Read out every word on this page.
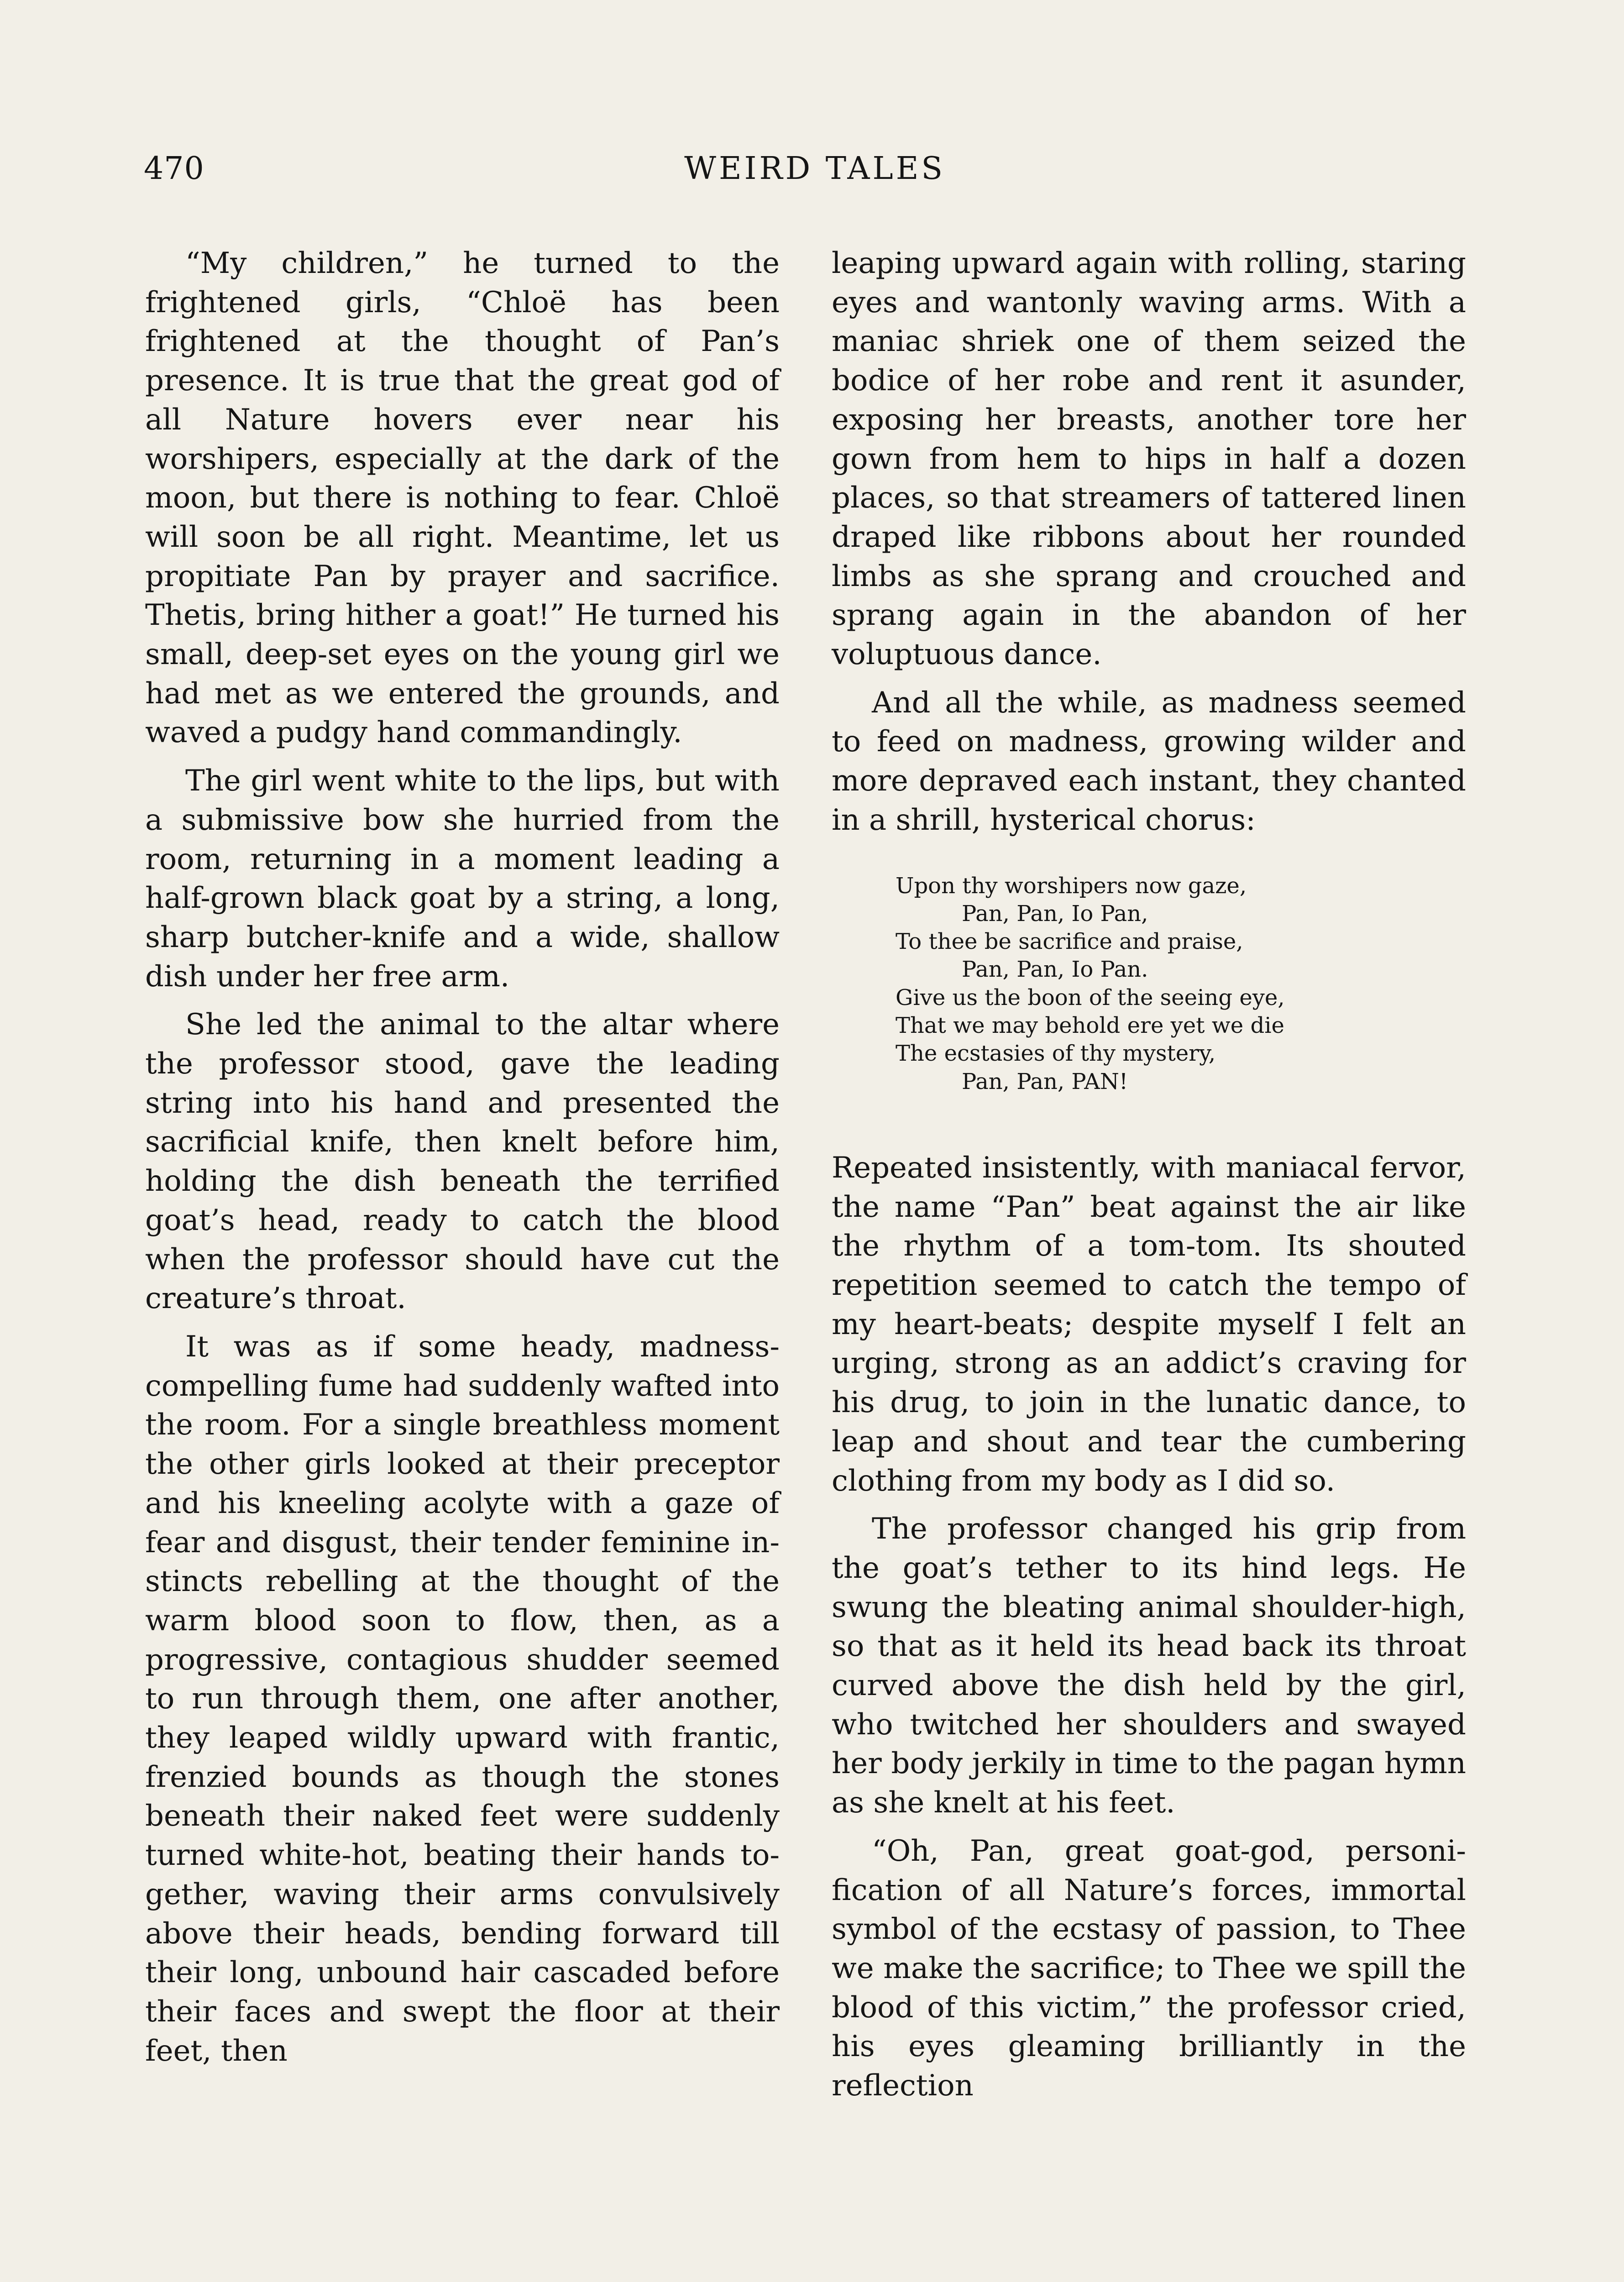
470	WEIRD TALES

“My children,” he turned to the frightened girls, “Chloë has been frightened at the thought of Pan’s presence. It is true that the great god of all Nature hovers ever near his worshipers, especially at the dark of the moon, but there is nothing to fear. Chloë will soon be all right. Meantime, let us propitiate Pan by prayer and sacrifice. Thetis, bring hither a goat!” He turned his small, deep-set eyes on the young girl we had met as we entered the grounds, and waved a pudgy hand commandingly.

The girl went white to the lips, but with a submissive bow she hurried from the room, returning in a moment leading a half-grown black goat by a string, a long, sharp butcher-knife and a wide, shallow dish under her free arm.

She led the animal to the altar where the professor stood, gave the leading string into his hand and presented the sacrificial knife, then knelt before him, holding the dish beneath the terrified goat’s head, ready to catch the blood when the professor should have cut the creature’s throat.

It was as if some heady, madness-compelling fume had suddenly wafted into the room. For a single breathless moment the other girls looked at their preceptor and his kneeling acolyte with a gaze of fear and disgust, their tender feminine instincts rebelling at the thought of the warm blood soon to flow, then, as a progressive, contagious shudder seemed to run through them, one after another, they leaped wildly upward with frantic, frenzied bounds as though the stones beneath their naked feet were suddenly turned white-hot, beating their hands together, waving their arms convulsively above their heads, bending forward till their long, unbound hair cascaded before their faces and swept the floor at their feet, then

leaping upward again with rolling, staring eyes and wantonly waving arms. With a maniac shriek one of them seized the bodice of her robe and rent it asunder, exposing her breasts, another tore her gown from hem to hips in half a dozen places, so that streamers of tattered linen draped like ribbons about her rounded limbs as she sprang and crouched and sprang again in the abandon of her voluptuous dance.

And all the while, as madness seemed to feed on madness, growing wilder and more depraved each instant, they chanted in a shrill, hysterical chorus:

Upon thy worshipers now gaze,
Pan, Pan, Io Pan,
To thee be sacrifice and praise,
Pan, Pan, Io Pan.
Give us the boon of the seeing eye,
That we may behold ere yet we die
The ecstasies of thy mystery,
Pan, Pan, PAN!

Repeated insistently, with maniacal fervor, the name “Pan” beat against the air like the rhythm of a tom-tom. Its shouted repetition seemed to catch the tempo of my heart-beats; despite myself I felt an urging, strong as an addict’s craving for his drug, to join in the lunatic dance, to leap and shout and tear the cumbering clothing from my body as I did so.

The professor changed his grip from the goat’s tether to its hind legs. He swung the bleating animal shoulder-high, so that as it held its head back its throat curved above the dish held by the girl, who twitched her shoulders and swayed her body jerkily in time to the pagan hymn as she knelt at his feet.

“Oh, Pan, great goat-god, personification of all Nature’s forces, immortal symbol of the ecstasy of passion, to Thee we make the sacrifice; to Thee we spill the blood of this victim,” the professor cried, his eyes gleaming brilliantly in the reflection
